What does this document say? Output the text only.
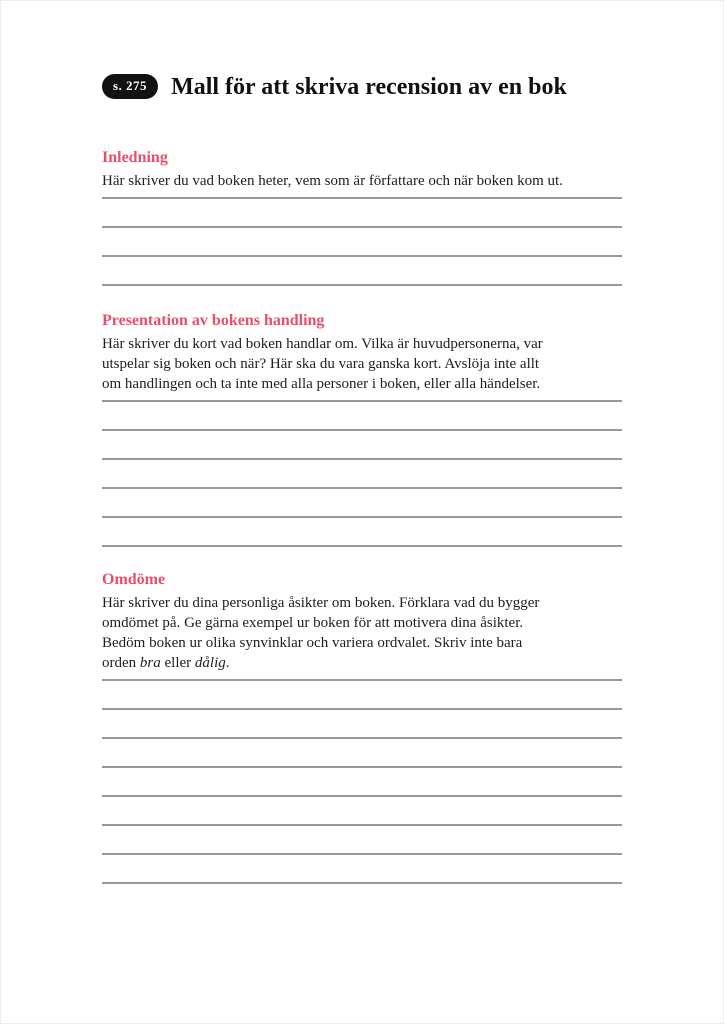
s. 275	Mall för att skriva recension av en bok
Inledning
Här skriver du vad boken heter, vem som är författare och när boken kom ut.
Presentation av bokens handling
Här skriver du kort vad boken handlar om. Vilka är huvudpersonerna, var
utspelar sig boken och när? Här ska du vara ganska kort. Avslöja inte allt
om handlingen och ta inte med alla personer i boken, eller alla händelser.
Omdöme
Här skriver du dina personliga åsikter om boken. Förklara vad du bygger
omdömet på. Ge gärna exempel ur boken för att motivera dina åsikter.
Bedöm boken ur olika synvinklar och variera ordvalet. Skriv inte bara
orden bra eller dålig.
